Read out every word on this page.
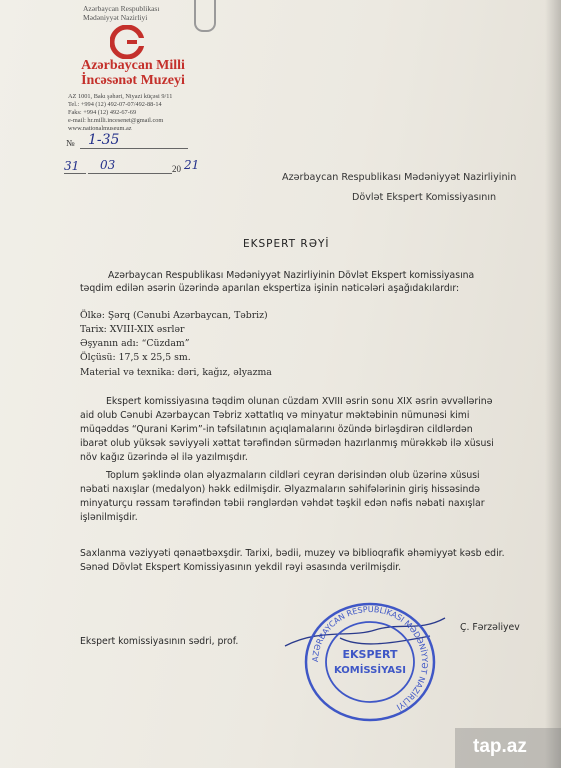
Azərbaycan Respublikası
Mədəniyyət Nazirliyi
Azərbaycan Milli
İncəsənət Muzeyi
AZ 1001, Bakı şəhəri, Niyazi küçəsi 9/11
Tel.: +994 (12) 492-07-07/492-88-14
Faks: +994 (12) 492-67-69
e-mail: hr.milli.incesenet@gmail.com
www.nationalmuseum.az
№ 1-35
31 03	20 21
Azərbaycan Respublikası Mədəniyyət Nazirliyinin
Dövlət Ekspert Komissiyasının
EKSPERT RƏYİ
Azərbaycan Respublikası Mədəniyyət Nazirliyinin Dövlət Ekspert komissiyasına
təqdim edilən əsərin üzərində aparılan ekspertiza işinin nəticələri aşağıdakılardır:
Ölkə: Şərq (Cənubi Azərbaycan, Təbriz)
Tarix: XVIII-XIX əsrlər
Əşyanın adı: “Cüzdam”
Ölçüsü: 17,5 x 25,5 sm.
Material və texnika: dəri, kağız, əlyazma
Ekspert komissiyasına təqdim olunan cüzdam XVIII əsrin sonu XIX əsrin əvvəllərinə
aid olub Cənubi Azərbaycan Təbriz xəttatlıq və minyatur məktəbinin nümunəsi kimi
müqəddəs “Qurani Kərim”-in təfsilatının açıqlamalarını özündə birləşdirən cildlərdən
ibarət olub yüksək səviyyəli xəttat tərəfindən sürmədən hazırlanmış mürəkkəb ilə xüsusi
növ kağız üzərində əl ilə yazılmışdır.
Toplum şəklində olan əlyazmaların cildləri ceyran dərisindən olub üzərinə xüsusi
nəbati naxışlar (medalyon) həkk edilmişdir. Əlyazmaların səhifələrinin giriş hissəsində
minyaturçu rəssam tərəfindən təbii rənglərdən vəhdət təşkil edən nəfis nəbati naxışlar
işlənilmişdir.
Saxlanma vəziyyəti qənaətbəxşdir. Tarixi, bədii, muzey və biblioqrafik əhəmiyyət kəsb edir.
Sənəd Dövlət Ekspert Komissiyasının yekdil rəyi əsasında verilmişdir.
Ekspert komissiyasının sədri, prof.
Ç. Fərzəliyev
AZƏRBAYCAN RESPUBLİKASI MƏDƏNİYYƏT NAZİRLİYİ
EKSPERT
KOMİSSİYASI
tap.az
